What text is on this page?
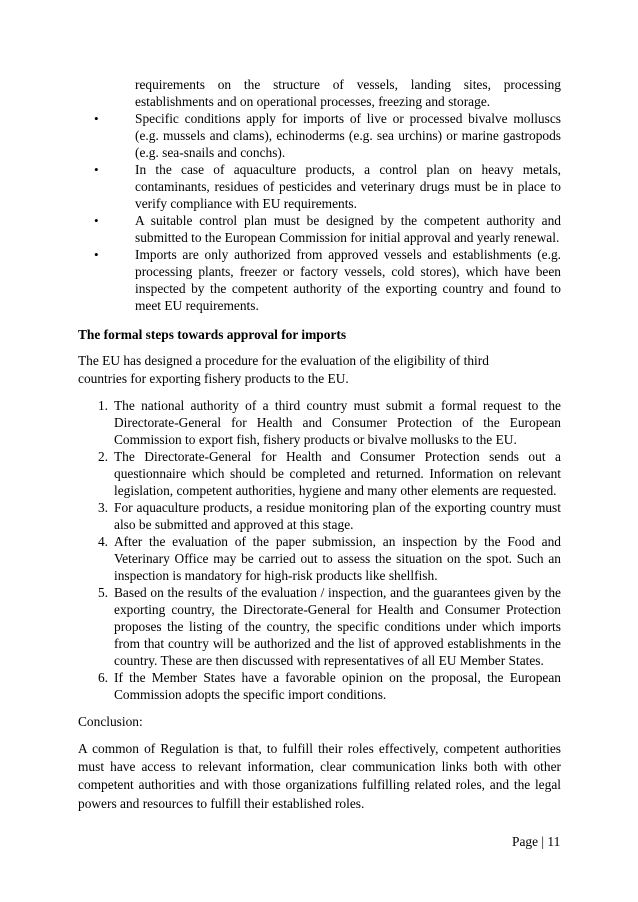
requirements on the structure of vessels, landing sites, processing establishments and on operational processes, freezing and storage.

•	Specific conditions apply for imports of live or processed bivalve molluscs (e.g. mussels and clams), echinoderms (e.g. sea urchins) or marine gastropods (e.g. sea-snails and conchs).

•	In the case of aquaculture products, a control plan on heavy metals, contaminants, residues of pesticides and veterinary drugs must be in place to verify compliance with EU requirements.

•	A suitable control plan must be designed by the competent authority and submitted to the European Commission for initial approval and yearly renewal.

•	Imports are only authorized from approved vessels and establishments (e.g. processing plants, freezer or factory vessels, cold stores), which have been inspected by the competent authority of the exporting country and found to meet EU requirements.

The formal steps towards approval for imports

The EU has designed a procedure for the evaluation of the eligibility of third countries for exporting fishery products to the EU.

1. The national authority of a third country must submit a formal request to the Directorate-General for Health and Consumer Protection of the European Commission to export fish, fishery products or bivalve mollusks to the EU.

2. The Directorate-General for Health and Consumer Protection sends out a questionnaire which should be completed and returned. Information on relevant legislation, competent authorities, hygiene and many other elements are requested.

3. For aquaculture products, a residue monitoring plan of the exporting country must also be submitted and approved at this stage.

4. After the evaluation of the paper submission, an inspection by the Food and Veterinary Office may be carried out to assess the situation on the spot. Such an inspection is mandatory for high-risk products like shellfish.

5. Based on the results of the evaluation / inspection, and the guarantees given by the exporting country, the Directorate-General for Health and Consumer Protection proposes the listing of the country, the specific conditions under which imports from that country will be authorized and the list of approved establishments in the country. These are then discussed with representatives of all EU Member States.

6. If the Member States have a favorable opinion on the proposal, the European Commission adopts the specific import conditions.

Conclusion:

A common of Regulation is that, to fulfill their roles effectively, competent authorities must have access to relevant information, clear communication links both with other competent authorities and with those organizations fulfilling related roles, and the legal powers and resources to fulfill their established roles.

Page | 11
